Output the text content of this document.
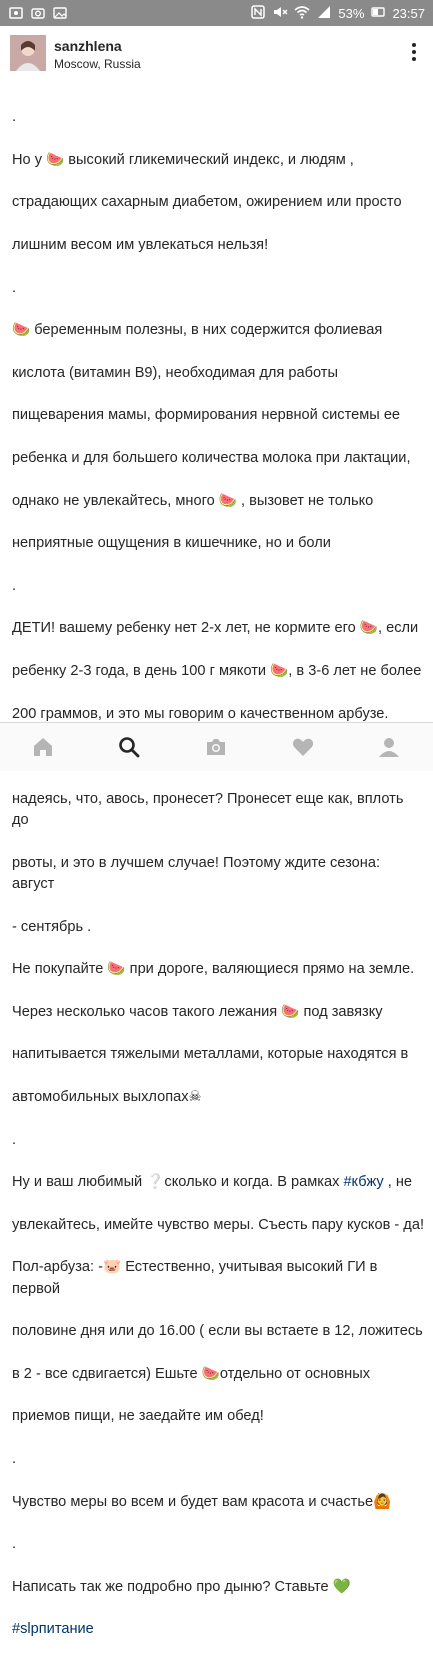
53% 23:57
sanzhlena
Moscow, Russia

.

Но у 🍉 высокий гликемический индекс, и людям ,

страдающих сахарным диабетом, ожирением или просто

лишним весом им увлекаться нельзя!

.

🍉 беременным полезны, в них содержится фолиевая

кислота (витамин В9), необходимая для работы

пищеварения мамы, формирования нервной системы ее

ребенка и для большего количества молока при лактации,

однако не увлекайтесь, много 🍉 , вызовет не только

неприятные ощущения в кишечнике, но и боли

.

ДЕТИ! вашему ребенку нет 2-х лет, не кормите его 🍉, если

ребенку 2-3 года, в день 100 г мякоти 🍉, в 3-6 лет не более

200 граммов, и это мы говорим о качественном арбузе.

надеясь, что, авось, пронесет? Пронесет еще как, вплоть до

рвоты, и это в лучшем случае! Поэтому ждите сезона: август

- сентябрь .

Не покупайте 🍉 при дороге, валяющиеся прямо на земле.

Через несколько часов такого лежания 🍉 под завязку

напитывается тяжелыми металлами, которые находятся в

автомобильных выхлопах☠

.

Ну и ваш любимый ❔сколько и когда. В рамках #кбжу , не

увлекайтесь, имейте чувство меры. Съесть пару кусков - да!

Пол-арбуза: -🐷 Естественно, учитывая высокий ГИ в первой

половине дня или до 16.00 ( если вы встаете в 12, ложитесь

в 2 - все сдвигается) Ешьте 🍉отдельно от основных

приемов пищи, не заедайте им обед!

.

Чувство меры во всем и будет вам красота и счастье🙆

.

Написать так же подробно про дыню? Ставьте 💚

#slpпитание
